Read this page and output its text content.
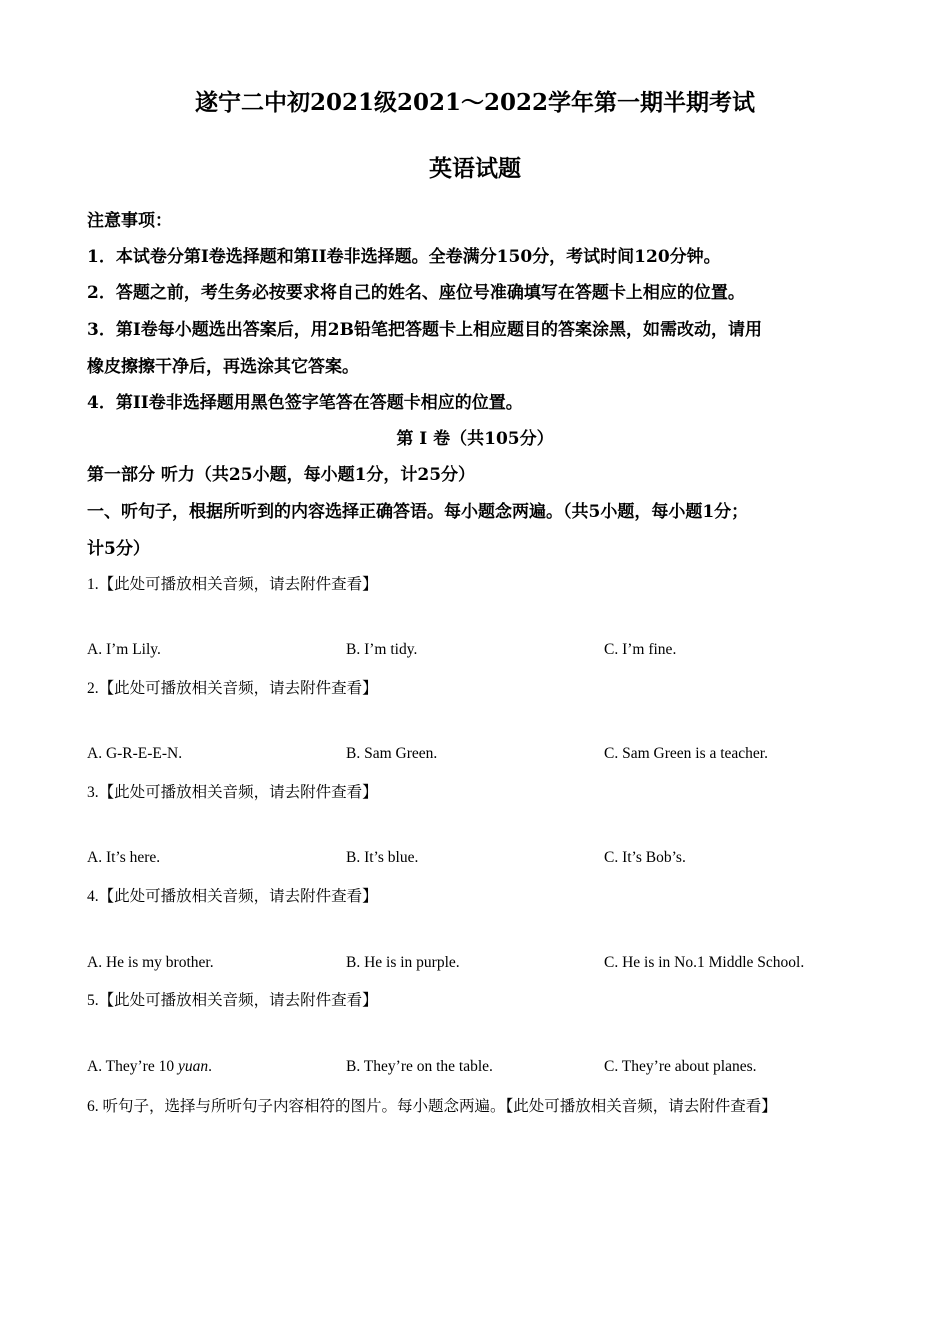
遂宁二中初2021级2021～2022学年第一期半期考试
英语试题
注意事项：
1．本试卷分第I卷选择题和第II卷非选择题。全卷满分150分，考试时间120分钟。
2．答题之前，考生务必按要求将自己的姓名、座位号准确填写在答题卡上相应的位置。
3．第I卷每小题选出答案后，用2B铅笔把答题卡上相应题目的答案涂黑，如需改动，请用
橡皮擦擦干净后，再选涂其它答案。
4．第II卷非选择题用黑色签字笔答在答题卡相应的位置。
第 Ⅰ 卷（共105分）
第一部分 听力（共25小题，每小题1分，计25分）
一、听句子，根据所听到的内容选择正确答语。每小题念两遍。（共5小题，每小题1分；
计5分）
1.【此处可播放相关音频，请去附件查看】
A. I’m Lily.	B. I’m tidy.	C. I’m fine.
2.【此处可播放相关音频，请去附件查看】
A. G-R-E-E-N.	B. Sam Green.	C. Sam Green is a teacher.
3.【此处可播放相关音频，请去附件查看】
A. It’s here.	B. It’s blue.	C. It’s Bob’s.
4.【此处可播放相关音频，请去附件查看】
A. He is my brother.	B. He is in purple.	C. He is in No.1 Middle School.
5.【此处可播放相关音频，请去附件查看】
A. They’re 10 yuan.	B. They’re on the table.	C. They’re about planes.
6. 听句子，选择与所听句子内容相符的图片。每小题念两遍。【此处可播放相关音频，请去附件查看】
